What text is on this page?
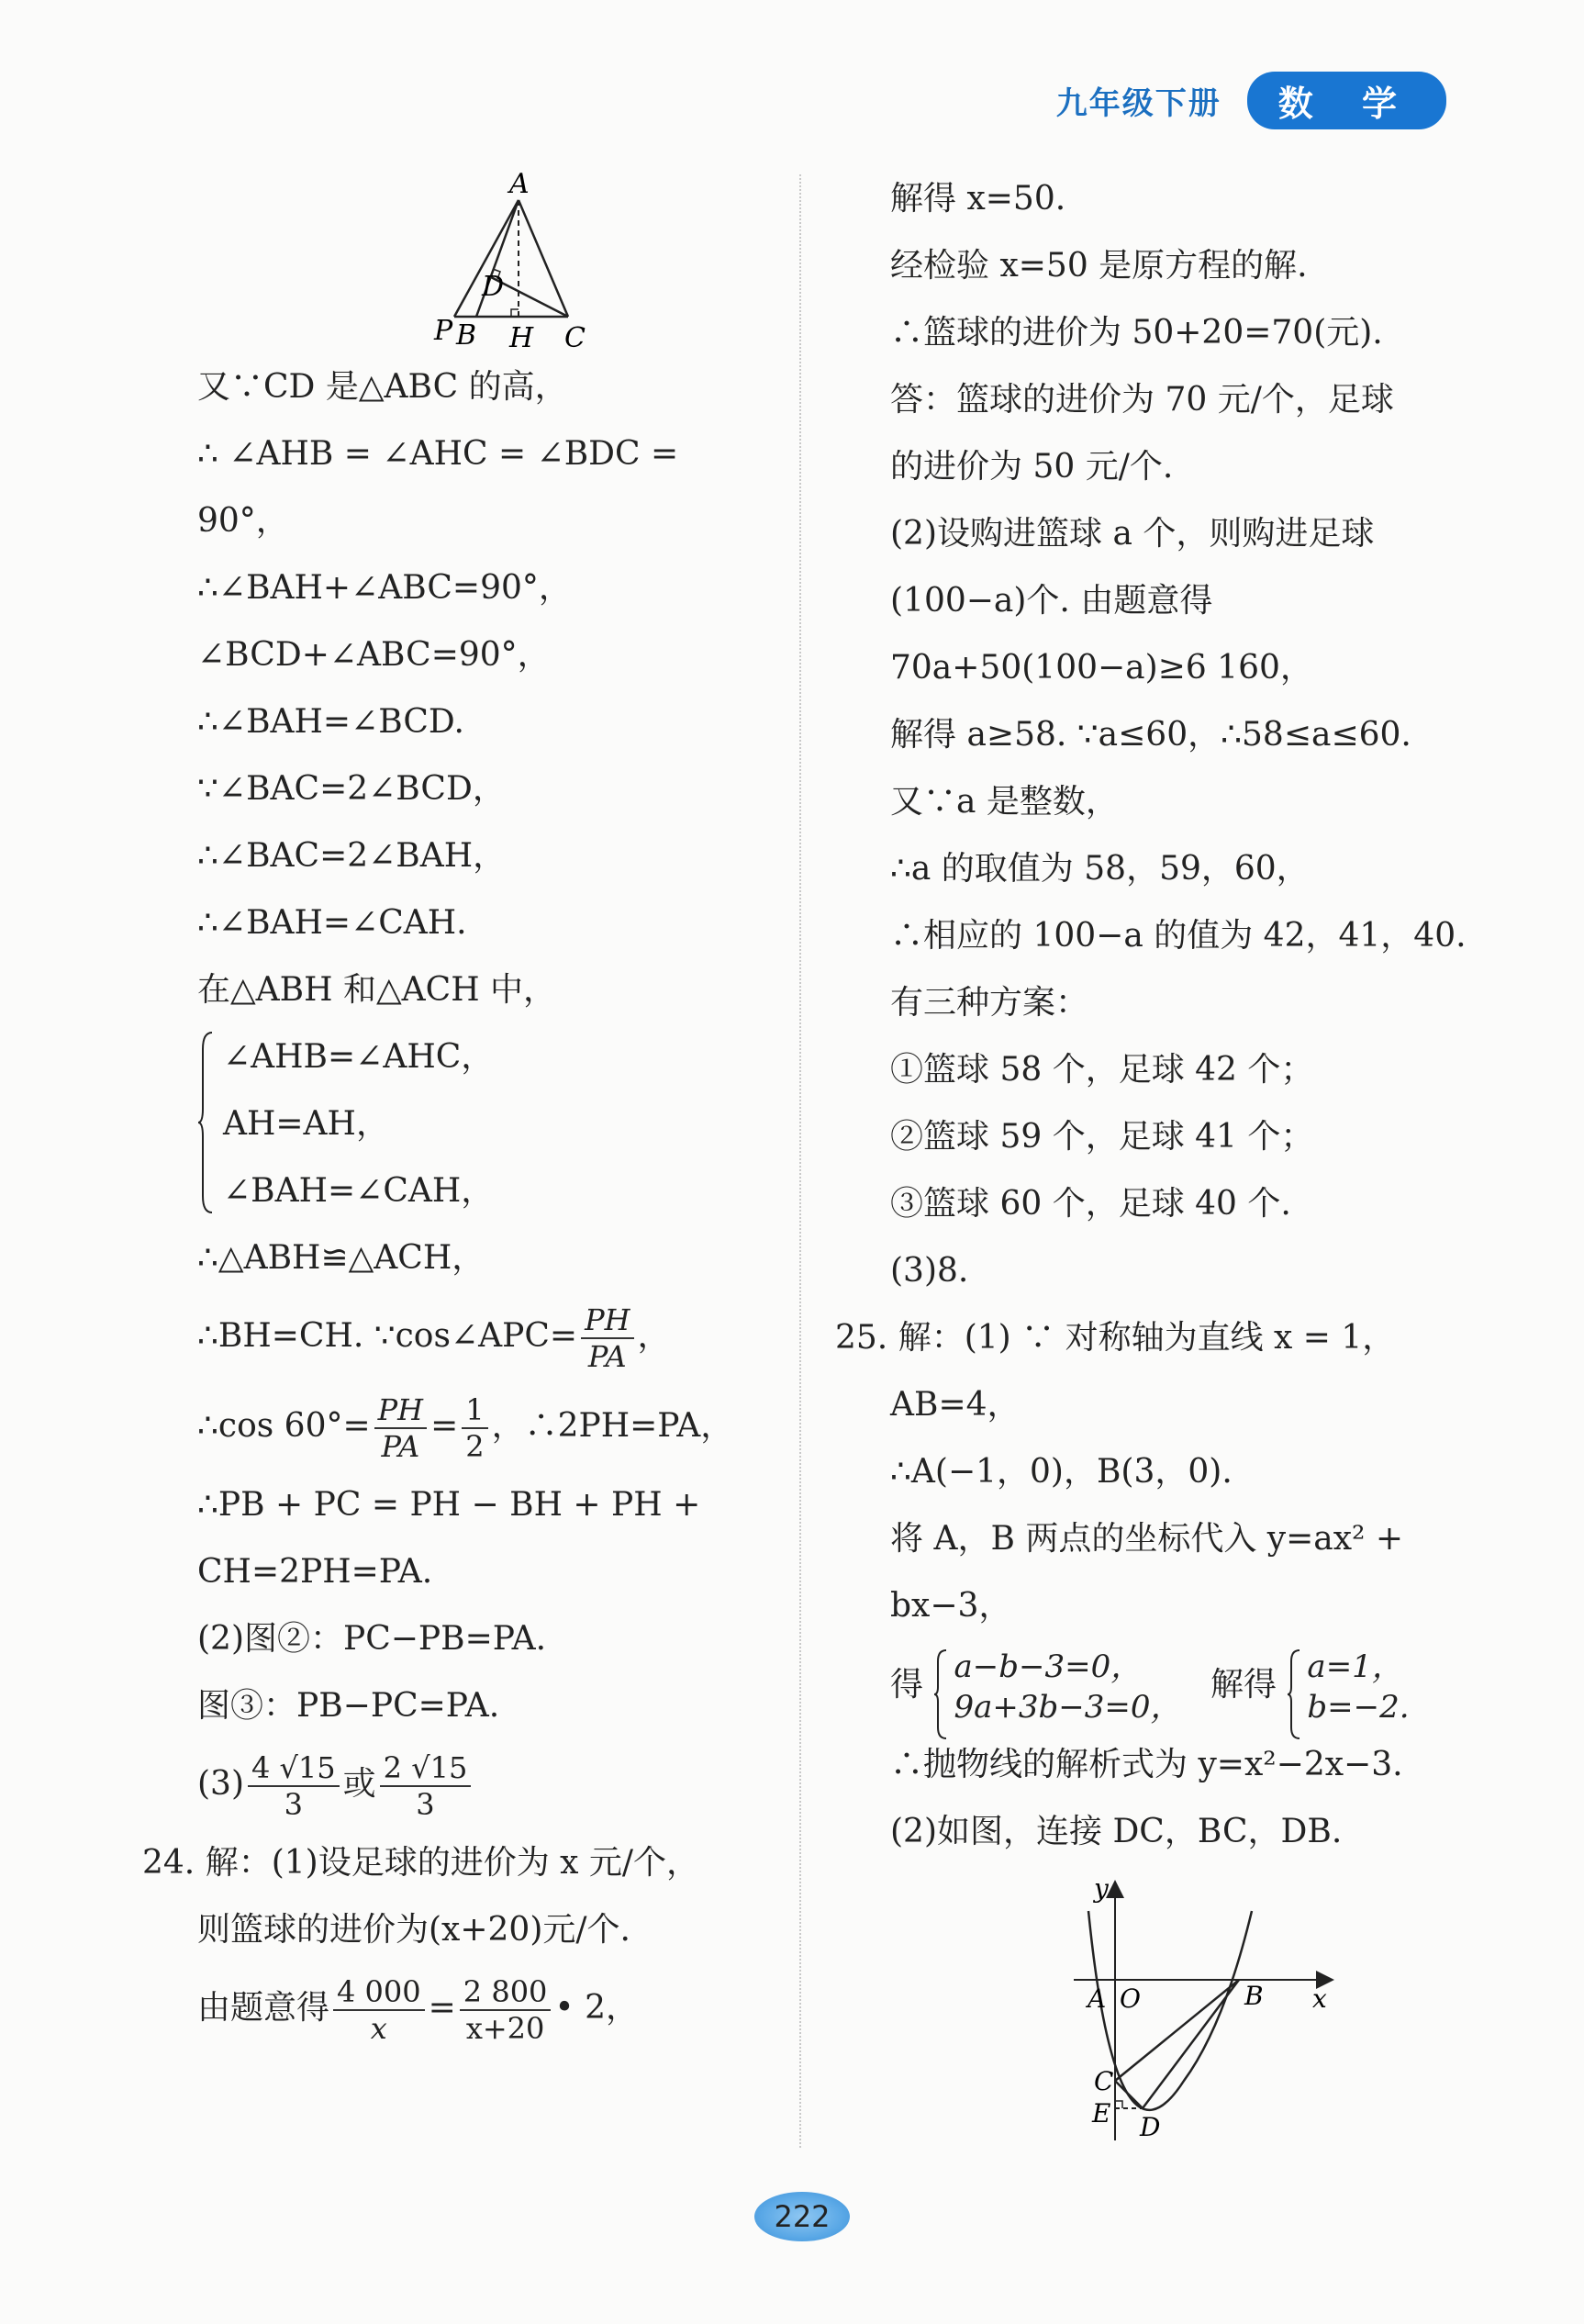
九年级下册	数 学
A
D
P B H C
又∵CD 是△ABC 的高，
∴ ∠AHB = ∠AHC = ∠BDC =
90°，
∴∠BAH+∠ABC=90°，
∠BCD+∠ABC=90°，
∴∠BAH=∠BCD.
∵∠BAC=2∠BCD，
∴∠BAC=2∠BAH，
∴∠BAH=∠CAH.
在△ABH 和△ACH 中，
∠AHB=∠AHC，
AH=AH，
∠BAH=∠CAH，
∴△ABH≌△ACH，
∴BH=CH. ∵cos∠APC= $\frac{PH}{PA}$ ，
∴cos $60^\circ= \frac{PH}{PA} = \frac{1}{2}$ ，∴2PH=PA，
∴PB + PC = PH − BH + PH +
CH=2PH=PA.
(2)图②：PC−PB=PA.
图③：PB−PC=PA.
$(3) \frac{4 √15}{3}$ 或 $\frac{2 √15}{3}$
24. 解：(1)设足球的进价为 x 元/个，
则篮球的进价为(x+20)元/个.
由题意得 $\frac{4 000}{x} = \frac{2 800}{x+20}$ • 2，
解得 x=50.
经检验 x=50 是原方程的解.
∴篮球的进价为 50+20=70(元).
答：篮球的进价为 70 元/个，足球
的进价为 50 元/个.
(2)设购进篮球 a 个，则购进足球
(100−a)个. 由题意得
70a+50(100−a)≥6 160，
解得 a≥58. ∵a≤60，∴58≤a≤60.
又∵a 是整数，
∴a 的取值为 58，59，60，
∴相应的 100−a 的值为 42，41，40.
有三种方案：
①篮球 58 个，足球 42 个；
②篮球 59 个，足球 41 个；
③篮球 60 个，足球 40 个.
(3)8.
25. 解：(1) ∵ 对称轴为直线 x = 1，
AB=4，
∴A(−1，0)，B(3，0).
将 A，B 两点的坐标代入 y=ax² +
bx−3，
得 a−b−3=0，
9a+3b−3=0，
解得 a=1，
b=−2.
∴抛物线的解析式为 y=x²−2x−3.
(2)如图，连接 DC，BC，DB.
y
A O	B x
C
E D
222
